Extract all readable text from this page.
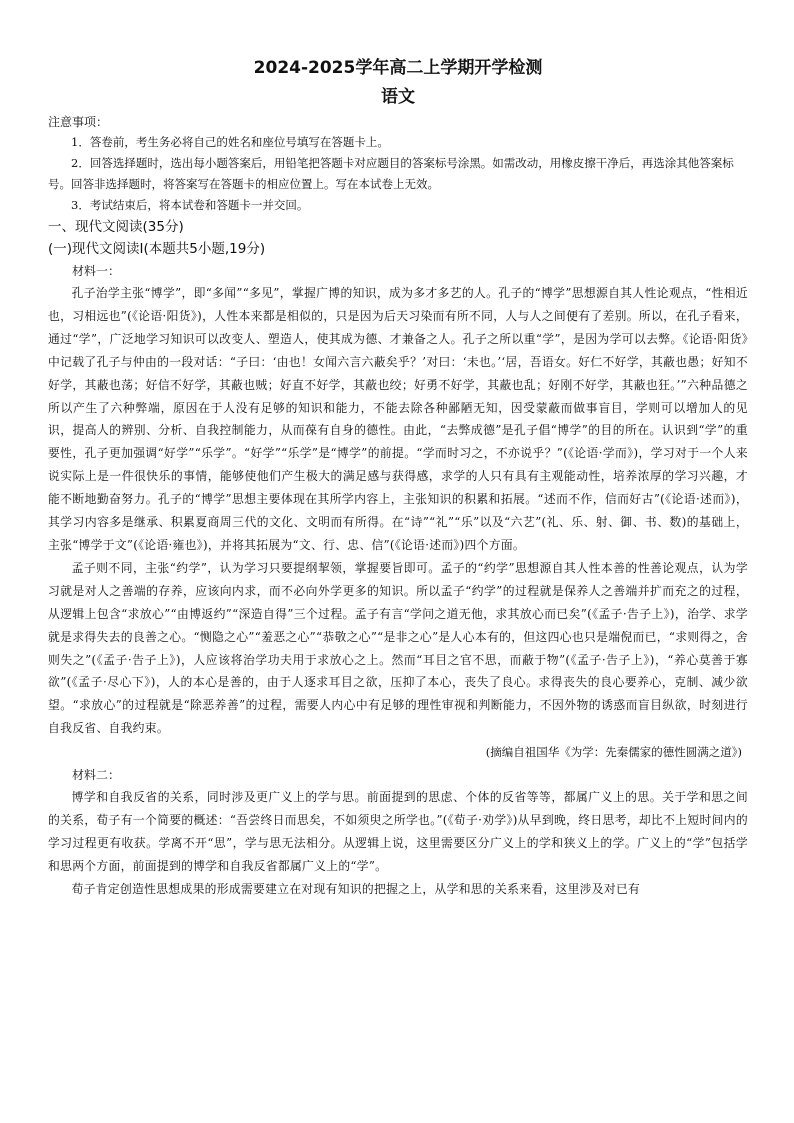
2024-2025学年高二上学期开学检测
语文

注意事项：

1．答卷前，考生务必将自己的姓名和座位号填写在答题卡上。

2．回答选择题时，选出每小题答案后，用铅笔把答题卡对应题目的答案标号涂黑。如需改动，用橡皮擦干净后，再选涂其他答案标号。回答非选择题时，将答案写在答题卡的相应位置上。写在本试卷上无效。

3．考试结束后，将本试卷和答题卡一并交回。

一、现代文阅读(35分)

(一)现代文阅读Ⅰ(本题共5小题,19分)

材料一：

孔子治学主张“博学”，即“多闻”“多见”，掌握广博的知识，成为多才多艺的人。孔子的“博学”思想源自其人性论观点，“性相近也，习相远也”(《论语·阳货》)，人性本来都是相似的，只是因为后天习染而有所不同，人与人之间便有了差别。所以，在孔子看来，通过“学”，广泛地学习知识可以改变人、塑造人，使其成为德、才兼备之人。孔子之所以重“学”，是因为学可以去弊。《论语·阳货》中记载了孔子与仲由的一段对话：“子曰：‘由也！女闻六言六蔽矣乎？’对曰：‘未也。’‘居，吾语女。好仁不好学，其蔽也愚；好知不好学，其蔽也荡；好信不好学，其蔽也贼；好直不好学，其蔽也绞；好勇不好学，其蔽也乱；好刚不好学，其蔽也狂。’”六种品德之所以产生了六种弊端，原因在于人没有足够的知识和能力，不能去除各种鄙陋无知，因受蒙蔽而做事盲目，学则可以增加人的见识，提高人的辨别、分析、自我控制能力，从而葆有自身的德性。由此，“去弊成德”是孔子倡“博学”的目的所在。认识到“学”的重要性，孔子更加强调“好学”“乐学”。“好学”“乐学”是“博学”的前提。“学而时习之，不亦说乎？”(《论语·学而》)，学习对于一个人来说实际上是一件很快乐的事情，能够使他们产生极大的满足感与获得感，求学的人只有具有主观能动性，培养浓厚的学习兴趣，才能不断地勤奋努力。孔子的“博学”思想主要体现在其所学内容上，主张知识的积累和拓展。“述而不作，信而好古”(《论语·述而》)，其学习内容多是继承、积累夏商周三代的文化、文明而有所得。在“诗”“礼”“乐”以及“六艺”(礼、乐、射、御、书、数)的基础上，主张“博学于文”(《论语·雍也》)，并将其拓展为“文、行、忠、信”(《论语·述而》)四个方面。

孟子则不同，主张“约学”，认为学习只要提纲挈领，掌握要旨即可。孟子的“约学”思想源自其人性本善的性善论观点，认为学习就是对人之善端的存养，应该向内求，而不必向外学更多的知识。所以孟子“约学”的过程就是保养人之善端并扩而充之的过程，从逻辑上包含“求放心”“由博返约”“深造自得”三个过程。孟子有言“学问之道无他，求其放心而已矣”(《孟子·告子上》)，治学、求学就是求得失去的良善之心。“恻隐之心”“羞恶之心”“恭敬之心”“是非之心”是人心本有的，但这四心也只是端倪而已，“求则得之，舍则失之”(《孟子·告子上》)，人应该将治学功夫用于求放心之上。然而“耳目之官不思，而蔽于物”(《孟子·告子上》)，“养心莫善于寡欲”(《孟子·尽心下》)，人的本心是善的，由于人逐求耳目之欲，压抑了本心，丧失了良心。求得丧失的良心要养心，克制、减少欲望。“求放心”的过程就是“除恶养善”的过程，需要人内心中有足够的理性审视和判断能力，不因外物的诱惑而盲目纵欲，时刻进行自我反省、自我约束。

(摘编自祖国华《为学：先秦儒家的德性圆满之道》)

材料二：

博学和自我反省的关系，同时涉及更广义上的学与思。前面提到的思虑、个体的反省等等，都属广义上的思。关于学和思之间的关系，荀子有一个简要的概述：“吾尝终日而思矣，不如须臾之所学也。”(《荀子·劝学》)从早到晚，终日思考，却比不上短时间内的学习过程更有收获。学离不开“思”，学与思无法相分。从逻辑上说，这里需要区分广义上的学和狭义上的学。广义上的“学”包括学和思两个方面，前面提到的博学和自我反省都属广义上的“学”。

荀子肯定创造性思想成果的形成需要建立在对现有知识的把握之上，从学和思的关系来看，这里涉及对已有
